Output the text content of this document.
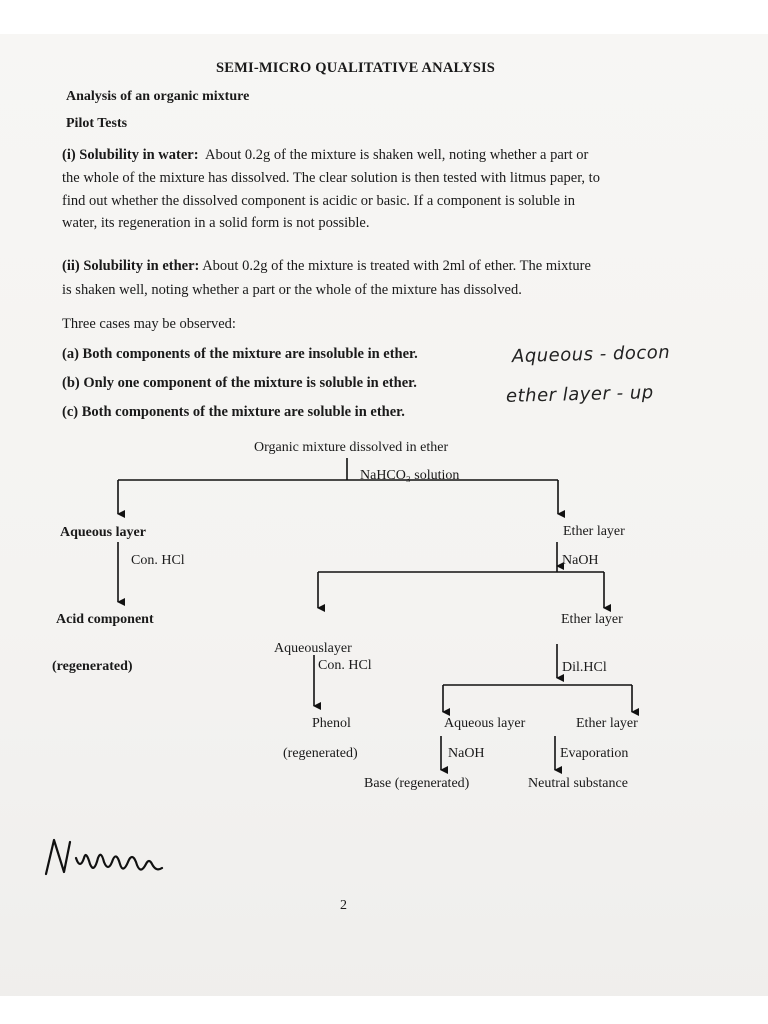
SEMI-MICRO QUALITATIVE ANALYSIS
Analysis of an organic mixture
Pilot Tests
(i) Solubility in water: About 0.2g of the mixture is shaken well, noting whether a part or
the whole of the mixture has dissolved. The clear solution is then tested with litmus paper, to
find out whether the dissolved component is acidic or basic. If a component is soluble in
water, its regeneration in a solid form is not possible.
(ii) Solubility in ether: About 0.2g of the mixture is treated with 2ml of ether. The mixture
is shaken well, noting whether a part or the whole of the mixture has dissolved.
Three cases may be observed:
(a) Both components of the mixture are insoluble in ether.
(b) Only one component of the mixture is soluble in ether.
(c) Both components of the mixture are soluble in ether.
Aqueous - docon
ether layer - up
Organic mixture dissolved in ether
NaHCO₃ solution
Aqueous layer
Con. HCl
Acid component
(regenerated)
Ether layer
NaOH
Ether layer
Aqueouslayer
Con. HCl
Phenol
(regenerated)
Dil.HCl
Aqueous layer	Ether layer
NaOH	Evaporation
Base (regenerated)	Neutral substance
2
